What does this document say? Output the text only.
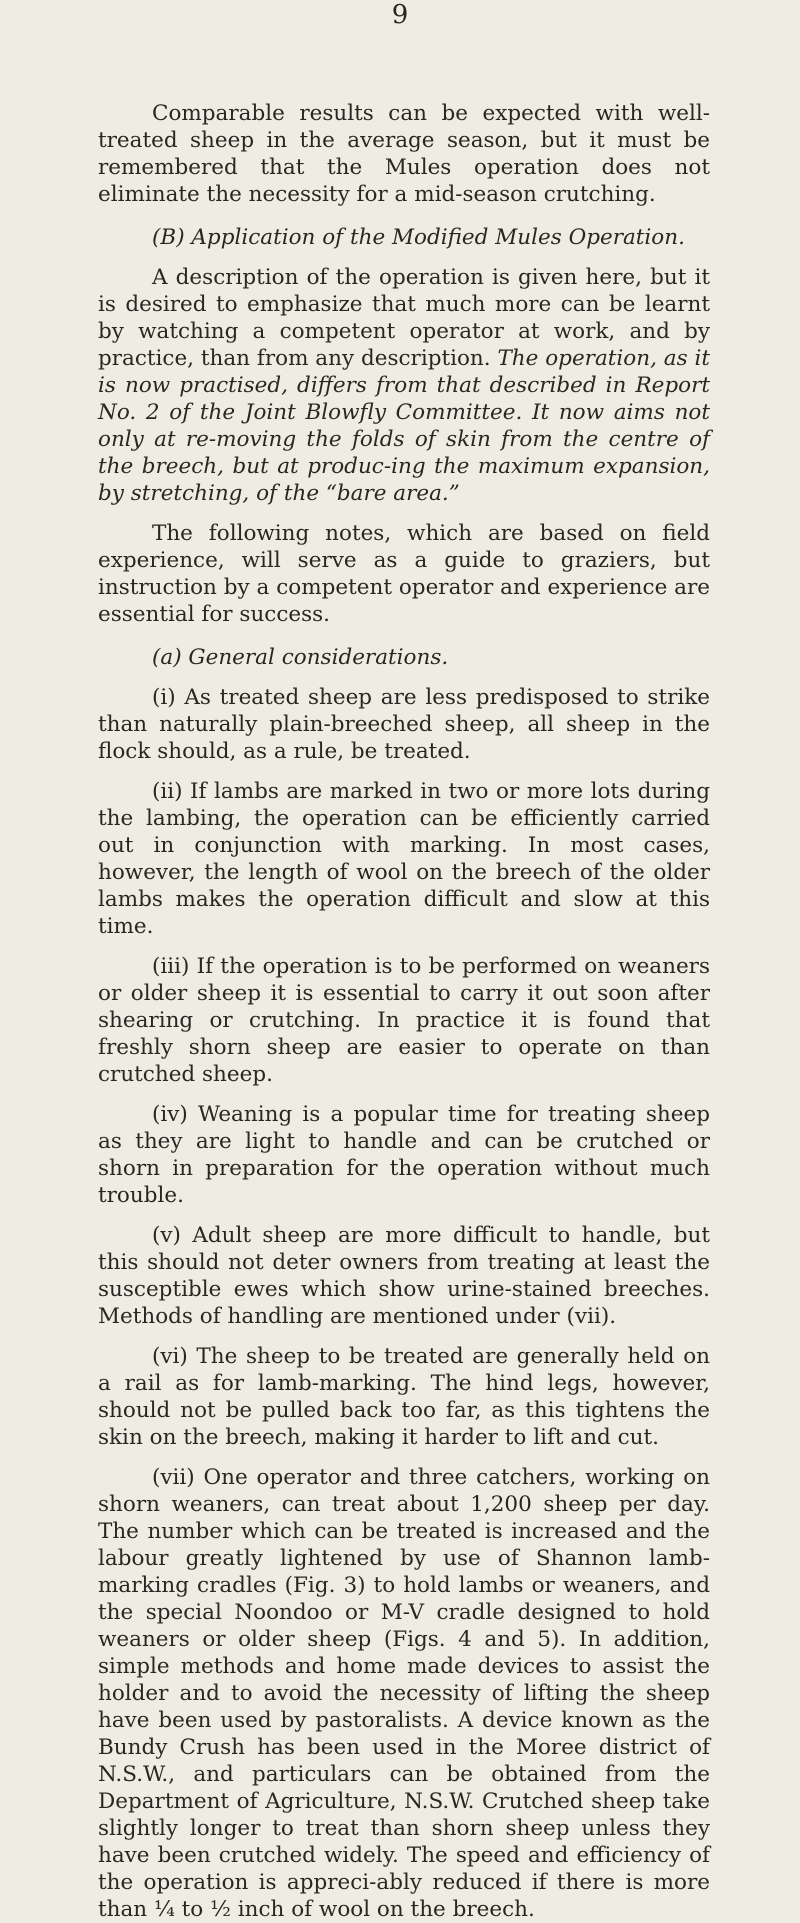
9

Comparable results can be expected with well-treated sheep in the average season, but it must be remembered that the Mules operation does not eliminate the necessity for a mid-season crutching.

(B) Application of the Modified Mules Operation.

A description of the operation is given here, but it is desired to emphasize that much more can be learnt by watching a competent operator at work, and by practice, than from any description. The operation, as it is now practised, differs from that described in Report No. 2 of the Joint Blowfly Committee. It now aims not only at re-moving the folds of skin from the centre of the breech, but at produc-ing the maximum expansion, by stretching, of the “bare area.”

The following notes, which are based on field experience, will serve as a guide to graziers, but instruction by a competent operator and experience are essential for success.

(a) General considerations.

(i) As treated sheep are less predisposed to strike than naturally plain-breeched sheep, all sheep in the flock should, as a rule, be treated.

(ii) If lambs are marked in two or more lots during the lambing, the operation can be efficiently carried out in conjunction with marking. In most cases, however, the length of wool on the breech of the older lambs makes the operation difficult and slow at this time.

(iii) If the operation is to be performed on weaners or older sheep it is essential to carry it out soon after shearing or crutching. In practice it is found that freshly shorn sheep are easier to operate on than crutched sheep.

(iv) Weaning is a popular time for treating sheep as they are light to handle and can be crutched or shorn in preparation for the operation without much trouble.

(v) Adult sheep are more difficult to handle, but this should not deter owners from treating at least the susceptible ewes which show urine-stained breeches. Methods of handling are mentioned under (vii).

(vi) The sheep to be treated are generally held on a rail as for lamb-marking. The hind legs, however, should not be pulled back too far, as this tightens the skin on the breech, making it harder to lift and cut.

(vii) One operator and three catchers, working on shorn weaners, can treat about 1,200 sheep per day. The number which can be treated is increased and the labour greatly lightened by use of Shannon lamb-marking cradles (Fig. 3) to hold lambs or weaners, and the special Noondoo or M-V cradle designed to hold weaners or older sheep (Figs. 4 and 5). In addition, simple methods and home made devices to assist the holder and to avoid the necessity of lifting the sheep have been used by pastoralists. A device known as the Bundy Crush has been used in the Moree district of N.S.W., and particulars can be obtained from the Department of Agriculture, N.S.W. Crutched sheep take slightly longer to treat than shorn sheep unless they have been crutched widely. The speed and efficiency of the operation is appreci-ably reduced if there is more than ¼ to ½ inch of wool on the breech.
